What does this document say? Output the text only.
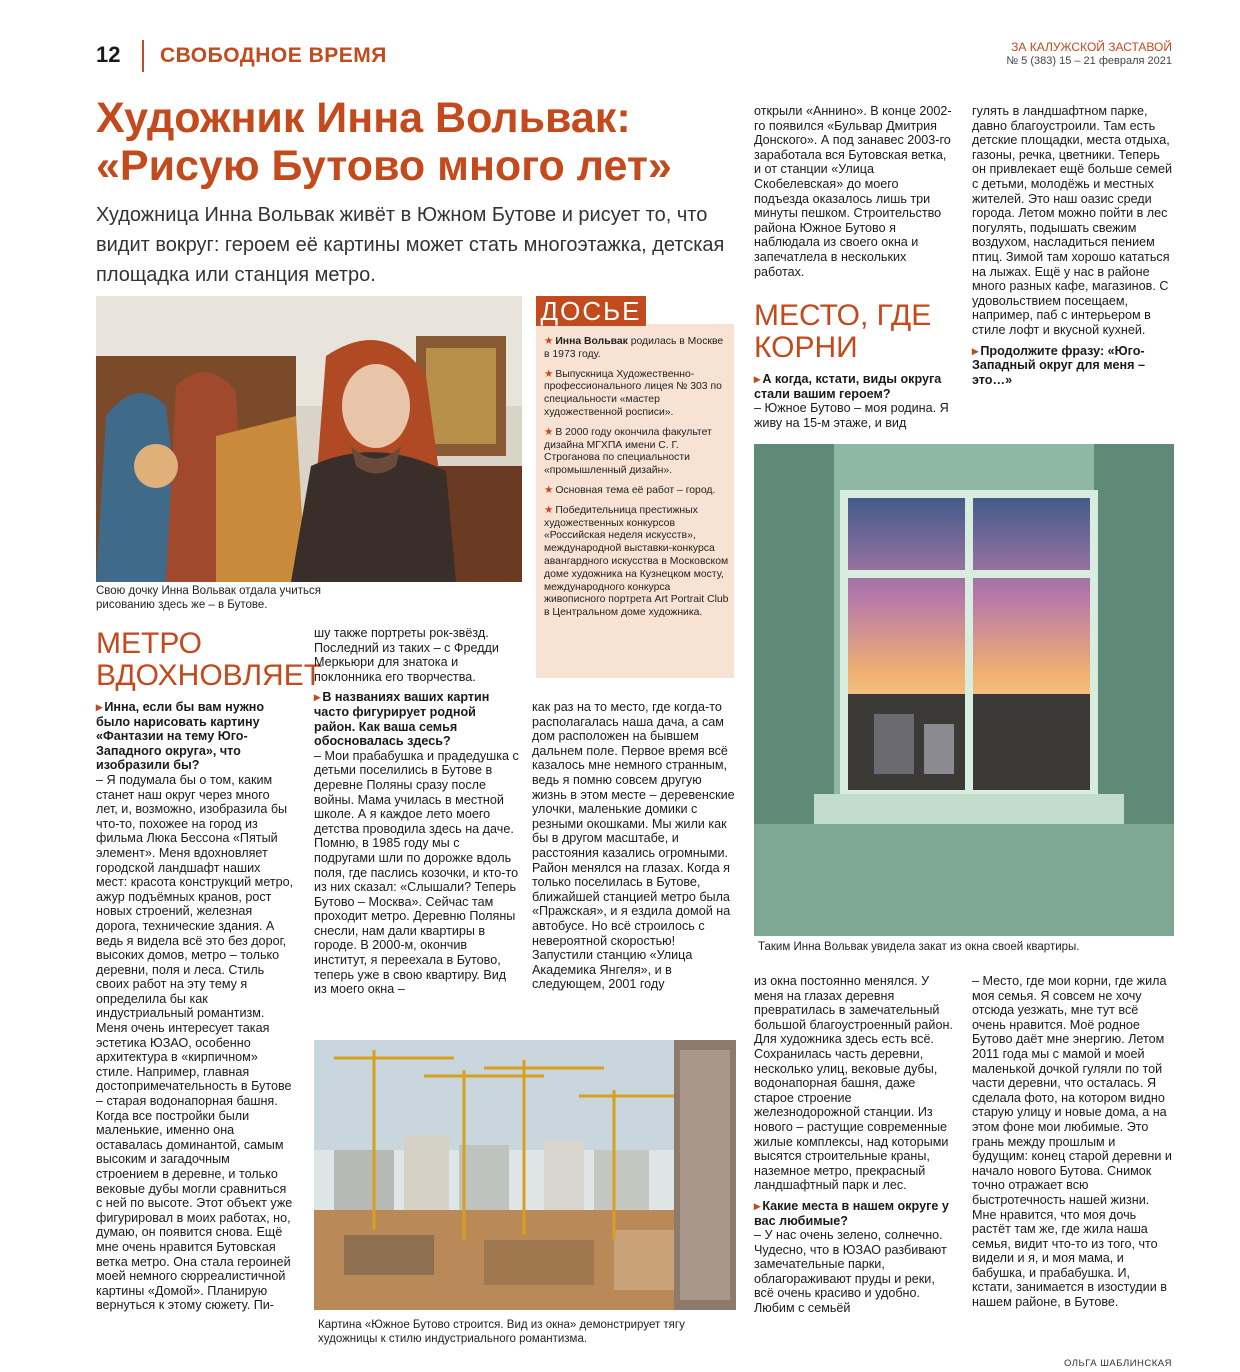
12 СВОБОДНОЕ ВРЕМЯ	ЗА КАЛУЖСКОЙ ЗАСТАВОЙ
№ 5 (383) 15 – 21 февраля 2021
Художник Инна Вольвак:
«Рисую Бутово много лет»
Художница Инна Вольвак живёт в Южном Бутове и рисует то, что видит вокруг: героем её картины может стать многоэтажка, детская площадка или станция метро.
Свою дочку Инна Вольвак отдала учиться рисованию здесь же – в Бутове.
ДОСЬЕ
★ Инна Вольвак родилась в Москве в 1973 году.
★ Выпускница Художественно-профессионального лицея № 303 по специальности «мастер художественной росписи».
★ В 2000 году окончила факультет дизайна МГХПА имени С. Г. Строганова по специальности «промышленный дизайн».
★ Основная тема её работ – город.
★ Победительница престижных художественных конкурсов «Российская неделя искусств», международной выставки-конкурса авангардного искусства в Московском доме художника на Кузнецком мосту, международного конкурса живописного портрета Art Portrait Club в Центральном доме художника.
МЕТРО ВДОХНОВЛЯЕТ

▸ Инна, если бы вам нужно было нарисовать картину «Фантазии на тему Юго-Западного округа», что изобразили бы?

– Я подумала бы о том, каким станет наш округ через много лет, и, возможно, изобразила бы что-то, похожее на город из фильма Люка Бессона «Пятый элемент». Меня вдохновляет городской ландшафт наших мест: красота конструкций метро, ажур подъёмных кранов, рост новых строений, железная дорога, технические здания. А ведь я видела всё это без дорог, высоких домов, метро – только деревни, поля и леса. Стиль своих работ на эту тему я определила бы как индустриальный романтизм. Меня очень интересует такая эстетика ЮЗАО, особенно архитектура в «кирпичном» стиле. Например, главная достопримечательность в Бутове – старая водонапорная башня. Когда все постройки были маленькие, именно она оставалась доминантой, самым высоким и загадочным строением в деревне, и только вековые дубы могли сравниться с ней по высоте. Этот объект уже фигурировал в моих работах, но, думаю, он появится снова. Ещё мне очень нравится Бутовская ветка метро. Она стала героиней моей немного сюрреалистичной картины «Домой». Планирую вернуться к этому сюжету. Пи-

шу также портреты рок-звёзд. Последний из таких – с Фредди Меркьюри для знатока и поклонника его творчества.

▸ В названиях ваших картин часто фигурирует родной район. Как ваша семья обосновалась здесь?

– Мои прабабушка и прадедушка с детьми поселились в Бутове в деревне Поляны сразу после войны. Мама училась в местной школе. А я каждое лето моего детства проводила здесь на даче. Помню, в 1985 году мы с подругами шли по дорожке вдоль поля, где паслись козочки, и кто-то из них сказал: «Слышали? Теперь Бутово – Москва». Сейчас там проходит метро. Деревню Поляны снесли, нам дали квартиры в городе. В 2000-м, окончив институт, я переехала в Бутово, теперь уже в свою квартиру. Вид из моего окна –

как раз на то место, где когда-то располагалась наша дача, а сам дом расположен на бывшем дальнем поле. Первое время всё казалось мне немного странным, ведь я помню совсем другую жизнь в этом месте – деревенские улочки, маленькие домики с резными окошками. Мы жили как бы в другом масштабе, и расстояния казались огромными. Район менялся на глазах. Когда я только поселилась в Бутове, ближайшей станцией метро была «Пражская», и я ездила домой на автобусе. Но всё строилось с невероятной скоростью! Запустили станцию «Улица Академика Янгеля», и в следующем, 2001 году

Картина «Южное Бутово строится. Вид из окна» демонстрирует тягу художницы к стилю индустриального романтизма.

открыли «Аннино». В конце 2002-го появился «Бульвар Дмитрия Донского». А под занавес 2003-го заработала вся Бутовская ветка, и от станции «Улица Скобелевская» до моего подъезда оказалось лишь три минуты пешком. Строительство района Южное Бутово я наблюдала из своего окна и запечатлела в нескольких работах.

МЕСТО, ГДЕ КОРНИ

▸ А когда, кстати, виды округа стали вашим героем?

– Южное Бутово – моя родина. Я живу на 15-м этаже, и вид

гулять в ландшафтном парке, давно благоустроили. Там есть детские площадки, места отдыха, газоны, речка, цветники. Теперь он привлекает ещё больше семей с детьми, молодёжь и местных жителей. Это наш оазис среди города. Летом можно пойти в лес погулять, подышать свежим воздухом, насладиться пением птиц. Зимой там хорошо кататься на лыжах. Ещё у нас в районе много разных кафе, магазинов. С удовольствием посещаем, например, паб с интерьером в стиле лофт и вкусной кухней.

▸ Продолжите фразу: «Юго-Западный округ для меня – это…»

Таким Инна Вольвак увидела закат из окна своей квартиры.

из окна постоянно менялся. У меня на глазах деревня превратилась в замечательный большой благоустроенный район. Для художника здесь есть всё. Сохранилась часть деревни, несколько улиц, вековые дубы, водонапорная башня, даже старое строение железнодорожной станции. Из нового – растущие современные жилые комплексы, над которыми высятся строительные краны, наземное метро, прекрасный ландшафтный парк и лес.

▸ Какие места в нашем округе у вас любимые?

– У нас очень зелено, солнечно. Чудесно, что в ЮЗАО разбивают замечательные парки, облагораживают пруды и реки, всё очень красиво и удобно. Любим с семьёй

– Место, где мои корни, где жила моя семья. Я совсем не хочу отсюда уезжать, мне тут всё очень нравится. Моё родное Бутово даёт мне энергию. Летом 2011 года мы с мамой и моей маленькой дочкой гуляли по той части деревни, что осталась. Я сделала фото, на котором видно старую улицу и новые дома, а на этом фоне мои любимые. Это грань между прошлым и будущим: конец старой деревни и начало нового Бутова. Снимок точно отражает всю быстротечность нашей жизни. Мне нравится, что моя дочь растёт там же, где жила наша семья, видит что-то из того, что видели и я, и моя мама, и бабушка, и прабабушка. И, кстати, занимается в изостудии в нашем районе, в Бутове.

ОЛЬГА ШАБЛИНСКАЯ
